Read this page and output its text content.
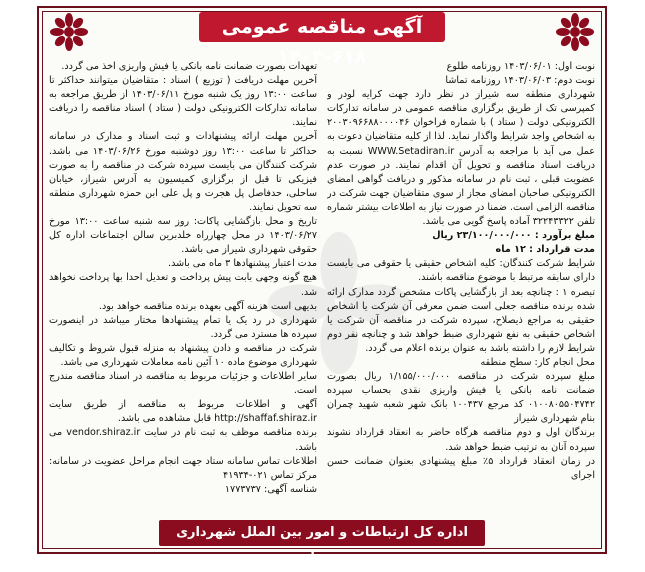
آگهی مناقصه عمومی ۶۱۸-۱۴۰۳	نوبت اول: ۱۴۰۳/۰۶/۰۱ روزنامه طلوع

نوبت دوم: ۱۴۰۳/۰۶/۰۳ روزنامه تماشا

شهرداری منطقه سه شیراز در نظر دارد جهت کرایه لودر و کمپرسی تک از طریق برگزاری مناقصه عمومی در سامانه تدارکات الکترونیکی دولت ( ستاد ) با شماره فراخوان ۲۰۰۳۰۹۶۶۸۸۰۰۰۰۴۶ به اشخاص واجد شرایط واگذار نماید. لذا از کلیه متقاضیان دعوت به عمل می آید با مراجعه به آدرس WWW.Setadiran.ir نسبت به دریافت اسناد مناقصه و تحویل آن اقدام نمایند. در صورت عدم عضویت قبلی ، ثبت نام در سامانه مذکور و دریافت گواهی امضای الکترونیکی صاحبان امضای مجاز از سوی متقاضیان جهت شرکت در مناقصه الزامی است. ضمنا در صورت نیاز به اطلاعات بیشتر شماره تلفن ۳۲۲۴۳۳۲۲ آماده پاسخ گویی می باشد.

مبلغ برآورد : ۲۳/۱۰۰/۰۰۰/۰۰۰ ریال

مدت قرارداد : ۱۲ ماه

شرایط شرکت کنندگان: کلیه اشخاص حقیقی یا حقوقی می بایست دارای سابقه مرتبط با موضوع مناقصه باشند.

تبصره ۱ : چنانچه بعد از بازگشایی پاکات مشخص گردد مدارک ارائه شده برنده مناقصه جعلی است ضمن معرفی آن شرکت یا اشخاص حقیقی به مراجع ذیصلاح، سپرده شرکت در مناقصه آن شرکت یا اشخاص حقیقی به نفع شهرداری ضبط خواهد شد و چنانچه نفر دوم شرایط لازم را داشته باشد به عنوان برنده اعلام می گردد.

محل انجام کار: سطح منطقه

مبلغ سپرده شرکت در مناقصه ۱/۱۵۵/۰۰۰/۰۰۰ ریال بصورت ضمانت نامه بانکی یا فیش واریزی نقدی بحساب سپرده ۰۱۰۰۸۰۵۵۰۴۷۴۲ کد مرجع ۱۰۰۴۳۷ بانک شهر شعبه شهید چمران بنام شهرداری شیراز

برندگان اول و دوم مناقصه هرگاه حاضر به انعقاد قرارداد نشوند سپرده آنان به ترتیب ضبط خواهد شد.

در زمان انعقاد قرارداد ۵٪ مبلغ پیشنهادی بعنوان ضمانت حسن اجرای

تعهدات بصورت ضمانت نامه بانکی یا فیش واریزی اخذ می گردد.

آخرین مهلت دریافت ( توزیع ) اسناد : متقاضیان میتوانند حداکثر تا ساعت ۱۳:۰۰ روز یک شنبه مورخ ۱۴۰۳/۰۶/۱۱ از طریق مراجعه به سامانه تدارکات الکترونیکی دولت ( ستاد ) اسناد مناقصه را دریافت نمایند.

آخرین مهلت ارائه پیشنهادات و ثبت اسناد و مدارک در سامانه حداکثر تا ساعت ۱۳:۰۰ روز دوشنبه مورخ ۱۴۰۳/۰۶/۲۶ می باشد. شرکت کنندگان می بایست سپرده شرکت در مناقصه را به صورت فیزیکی تا قبل از برگزاری کمیسیون به آدرس شیراز، خیابان ساحلی، حدفاصل پل هجرت و پل علی ابن حمزه شهرداری منطقه سه تحویل نمایند.

تاریخ و محل بازگشایی پاکات: روز سه شنبه ساعت ۱۳:۰۰ مورخ ۱۴۰۳/۰۶/۲۷ در محل چهارراه خلدبرین سالن اجتماعات اداره کل حقوقی شهرداری شیراز می باشد.

مدت اعتبار پیشنهادها ۳ ماه می باشد.

هیچ گونه وجهی بابت پیش پرداخت و تعدیل احدا بها پرداخت نخواهد شد.

بدیهی است هزینه آگهی بعهده برنده مناقصه خواهد بود.

شهرداری در رد یک یا تمام پیشنهادها مختار میباشد در اینصورت سپرده ها مسترد می گردد.

شرکت در مناقصه و دادن پیشنهاد به منزله قبول شروط و تکالیف شهرداری موضوع ماده ۱۰ آئین نامه معاملات شهرداری می باشد.

سایر اطلاعات و جزئیات مربوط به مناقصه در اسناد مناقصه مندرج است.

آگهی و اطلاعات مربوط به مناقصه از طریق سایت http://shaffaf.shiraz.ir قابل مشاهده می باشد.

برنده مناقصه موظف به ثبت نام در سایت vendor.shiraz.ir می باشد.

اطلاعات تماس سامانه ستاد جهت انجام مراحل عضویت در سامانه: مرکز تماس ۰۲۱-۴۱۹۳۴

شناسه آگهی: ۱۷۷۳۷۳۷

اداره کل ارتباطات و امور بین الملل شهرداری شیراز
